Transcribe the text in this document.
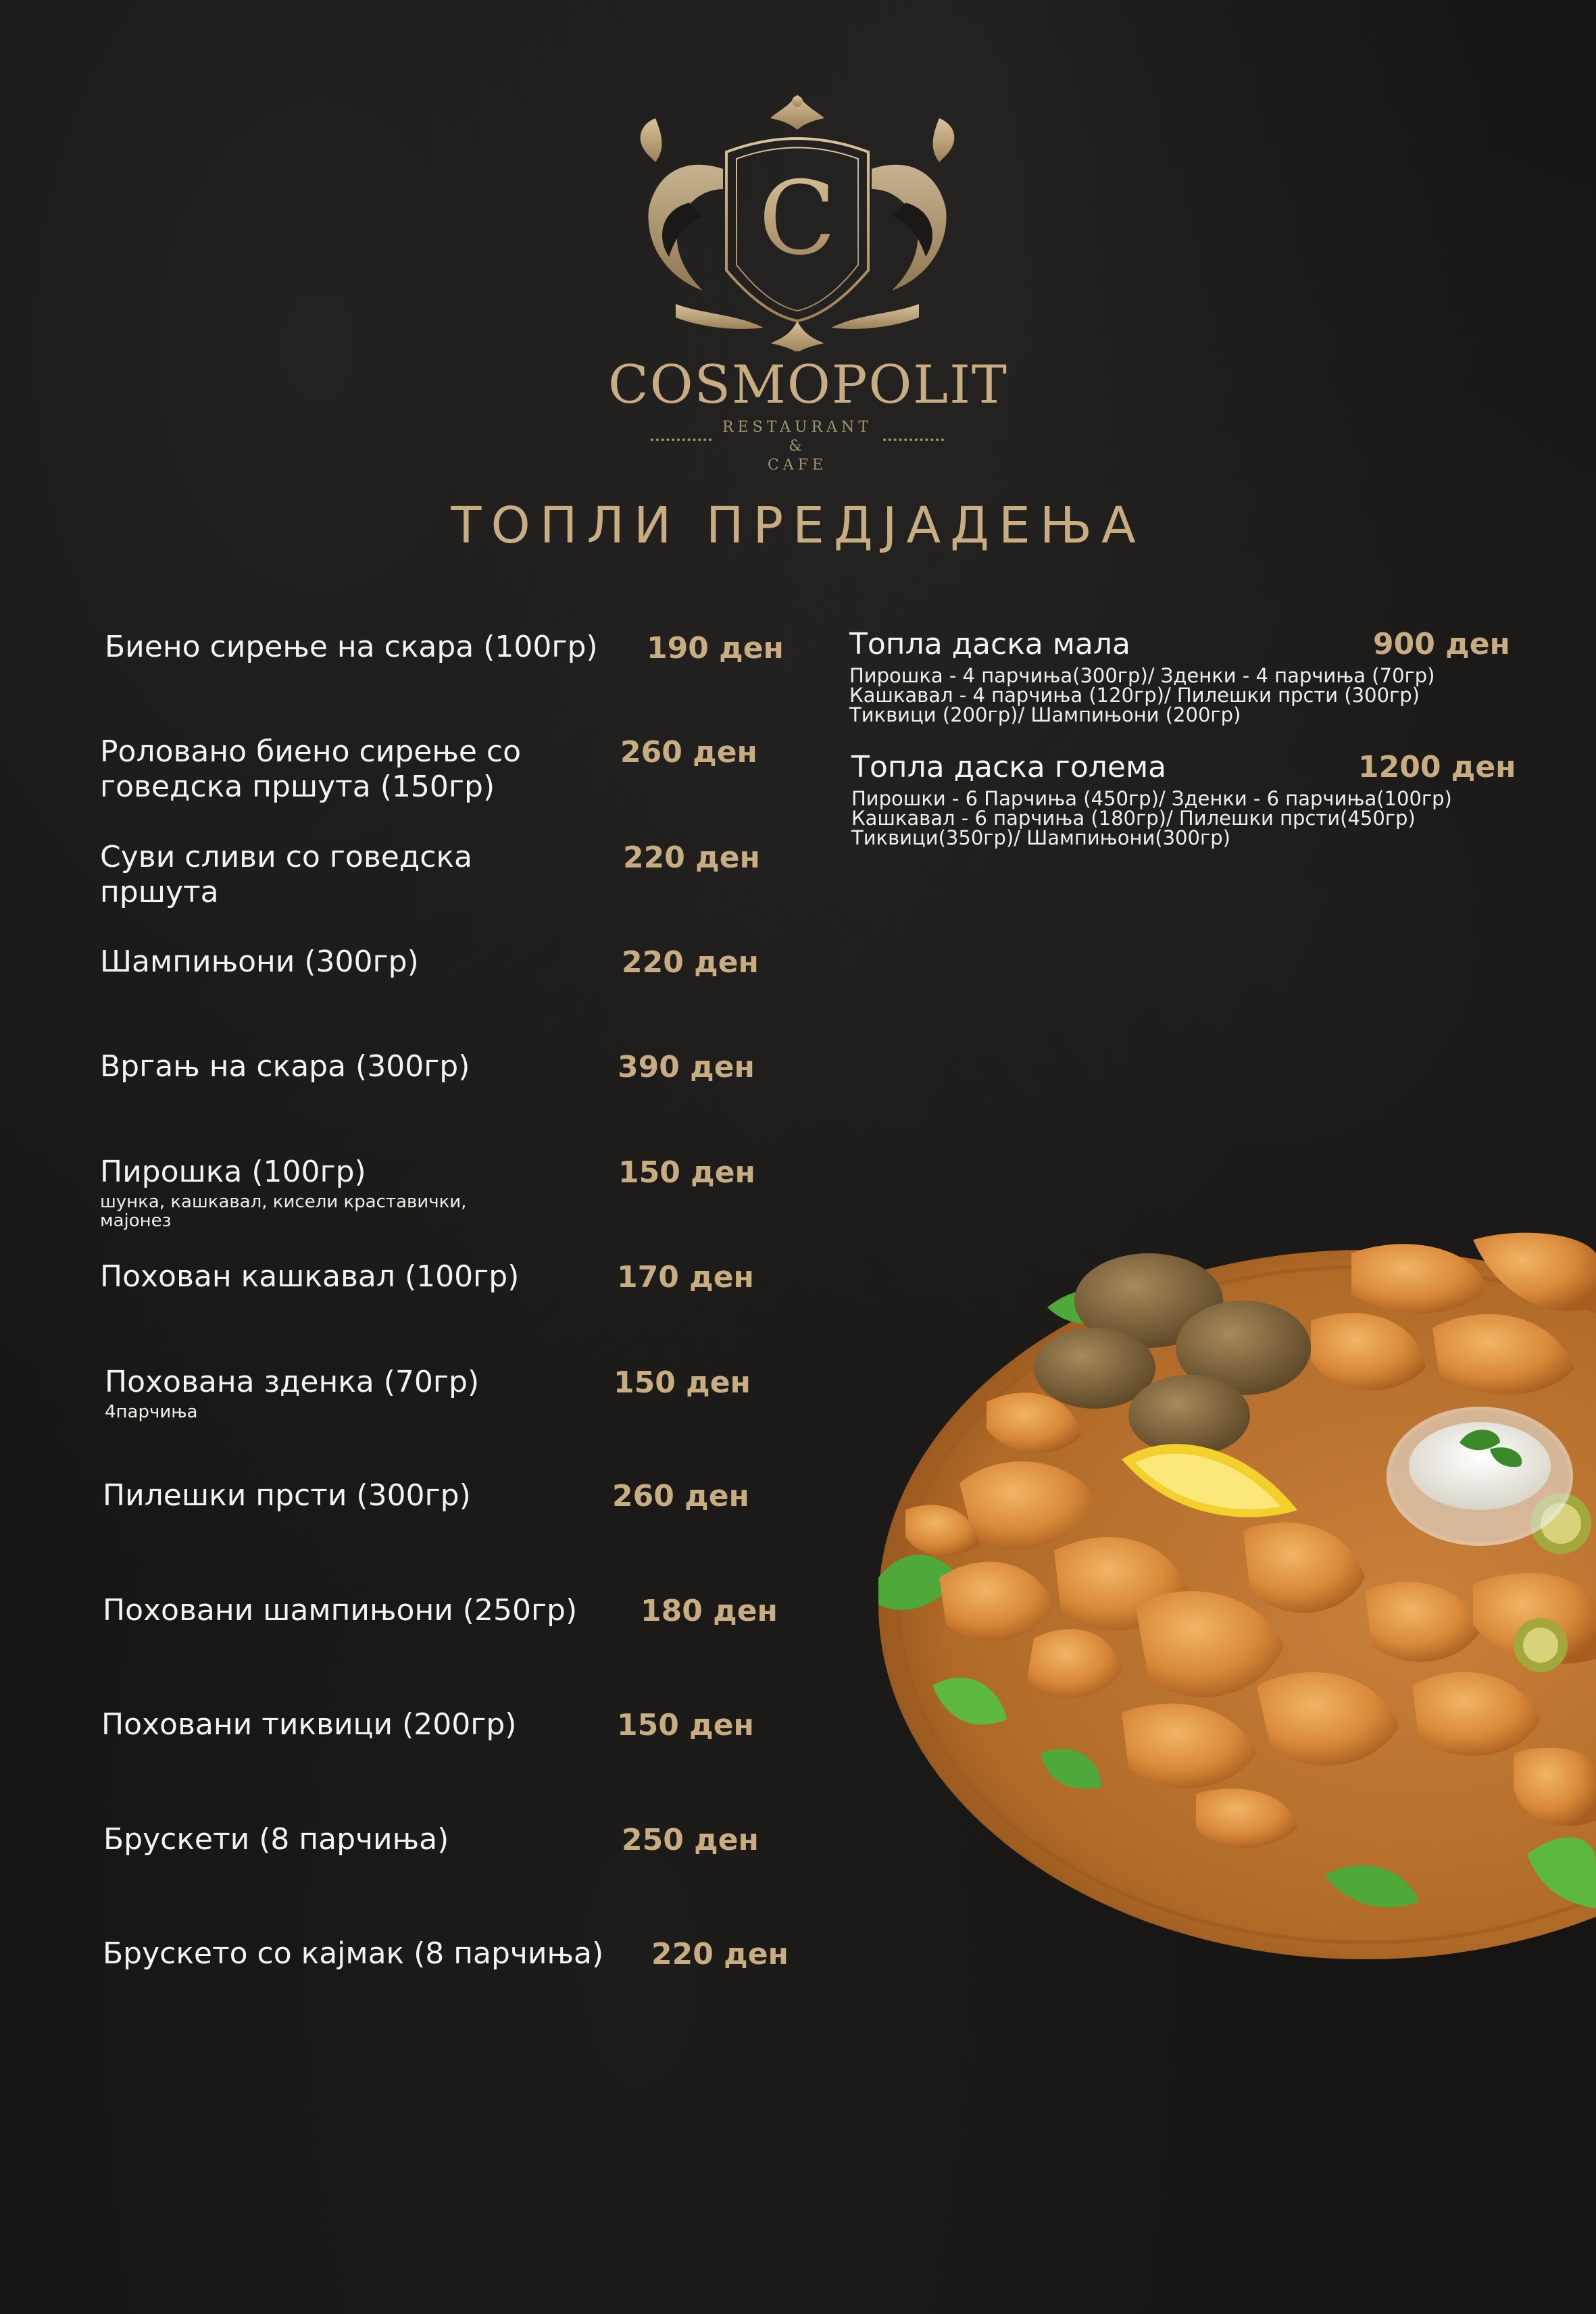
C
COSMOPOLIT
RESTAURANT
&
CAFE
ТОПЛИ ПРЕДЈАДЕЊА
Биено сирење на скара (100гр) 190 ден
Роловано биено сирење со
говедска пршута (150гр)
260 ден
Суви сливи со говедска
пршута
220 ден
Шампињони (300гр)	220 ден
Вргањ на скара (300гр)	390 ден
Пирошка (100гр)
шунка, кашкавал, кисели краставички,
мајонез
150 ден
Похован кашкавал (100гр)	170 ден
Похована зденка (70гр)
4парчиња
150 ден
Пилешки прсти (300гр)	260 ден
Поховани шампињони (250гр) 180 ден
Поховани тиквици (200гр)	150 ден
Брускети (8 парчиња)	250 ден
Брускето со кајмак (8 парчиња) 220 ден
Топла даска мала	900 ден
Пирошка - 4 парчиња(300гр)/ Зденки - 4 парчиња (70гр)
Кашкавал - 4 парчиња (120гр)/ Пилешки прсти (300гр)
Тиквици (200гр)/ Шампињони (200гр)
Топла даска голема	1200 ден
Пирошки - 6 Парчиња (450гр)/ Зденки - 6 парчиња(100гр)
Кашкавал - 6 парчиња (180гр)/ Пилешки прсти(450гр)
Тиквици(350гр)/ Шампињони(300гр)
